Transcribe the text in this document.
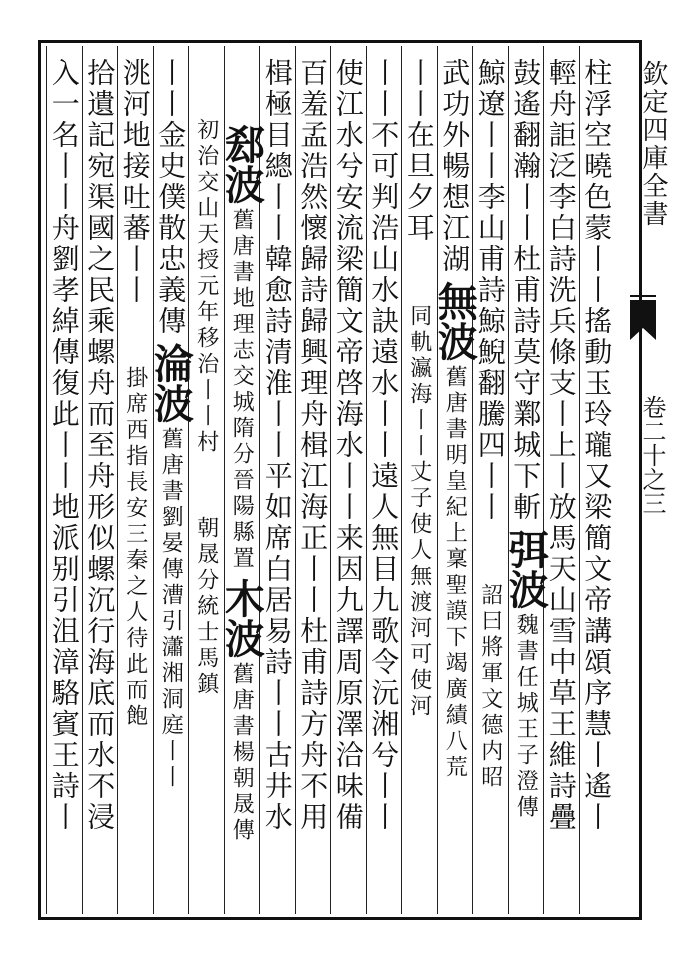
欽定四庫全書
卷二十之三
柱浮空曉色蒙丨丨搖動玉玲瓏又梁簡文帝講頌序慧丨遙丨
輕舟詎泛李白詩洗兵條支丨上丨放馬天山雪中草王維詩疊
鼓遙翻瀚丨丨杜甫詩莫守鄴城下斬
弭波
魏書任城王子澄傳
鯨遼丨丨李山甫詩鯨鯢翻騰四丨丨
詔曰將軍文德内昭
武功外暢想江湖
無波
舊唐書明皇紀上稟聖謨下竭廣績八荒
丨丨在旦夕耳
同軌瀛海丨丨丈子使人無渡河可使河
丨丨不可判浩山水訣遠水丨丨遠人無目九歌令沅湘兮丨丨
使江水兮安流梁簡文帝啓海水丨丨来因九譯周原澤洽味備
百羞孟浩然懷歸詩歸興理舟楫江海正丨丨杜甫詩方舟不用
楫極目總丨丨韓愈詩清淮丨丨平如席白居易詩丨丨古井水
郄波
舊唐書地理志交城隋分晉陽縣置
木波
舊唐書楊朝晟傳
初治交山天授元年移治丨丨村
朝晟分統士馬鎮
丨丨金史僕散忠義傳
淪波
舊唐書劉晏傳漕引瀟湘洞庭丨丨
洮河地接吐蕃丨丨
掛席西指長安三秦之人待此而飽
拾遺記宛渠國之民乘螺舟而至舟形似螺沉行海底而水不浸
入一名丨丨舟劉孝綽傳復此丨丨地派别引沮漳駱賓王詩丨
